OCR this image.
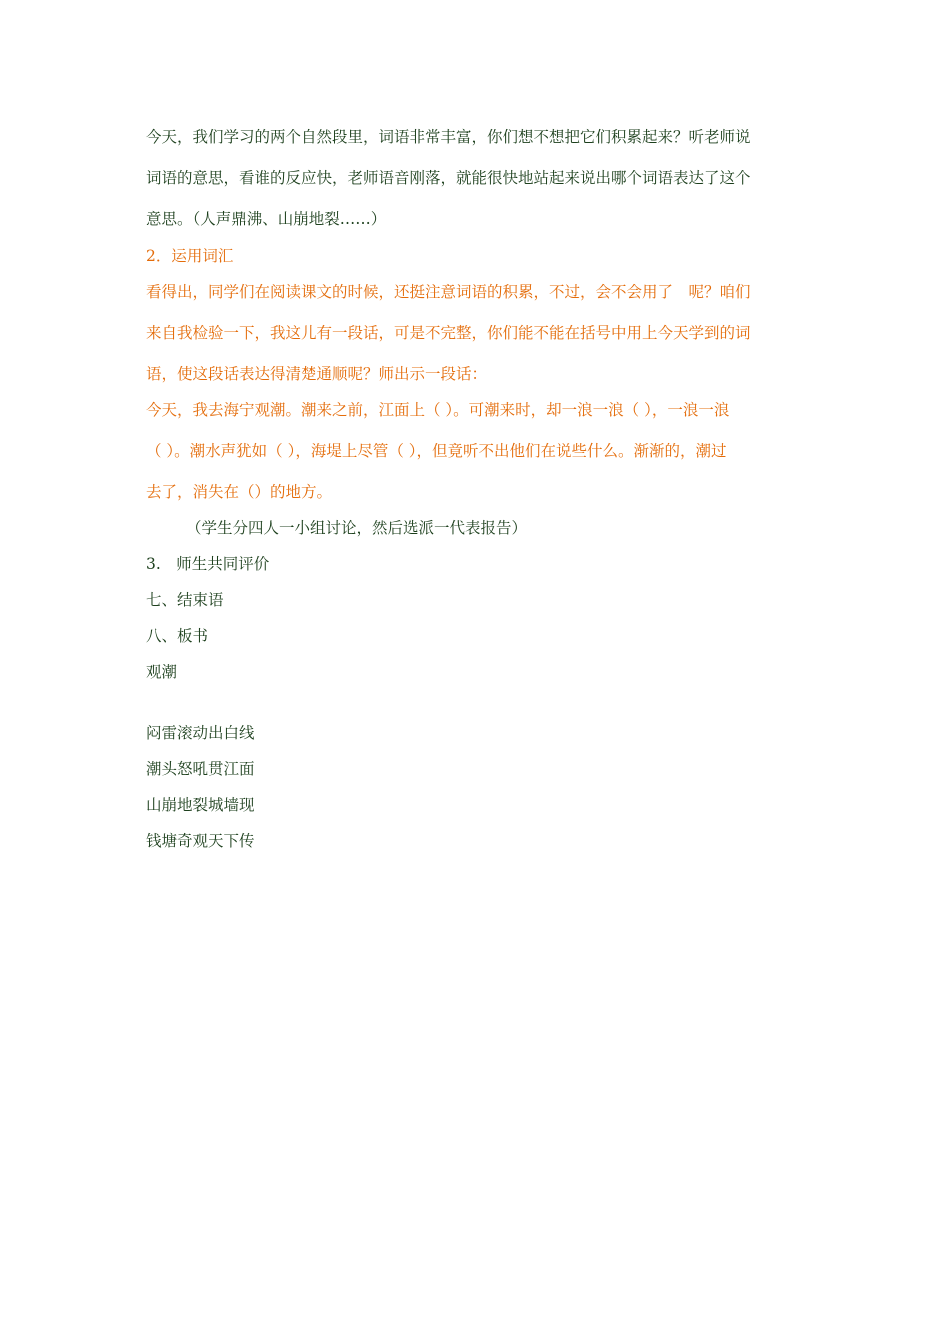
今天，我们学习的两个自然段里，词语非常丰富，你们想不想把它们积累起来？听老师说
词语的意思，看谁的反应快，老师语音刚落，就能很快地站起来说出哪个词语表达了这个
意思。（人声鼎沸、山崩地裂……）
2．运用词汇
看得出，同学们在阅读课文的时候，还挺注意词语的积累，不过，会不会用了　呢？咱们
来自我检验一下，我这儿有一段话，可是不完整，你们能不能在括号中用上今天学到的词
语，使这段话表达得清楚通顺呢？师出示一段话：
今天，我去海宁观潮。潮来之前，江面上（ ）。可潮来时，却一浪一浪（ ），一浪一浪
（ ）。潮水声犹如（ ），海堤上尽管（ ），但竟听不出他们在说些什么。渐渐的，潮过
去了，消失在（）的地方。
（学生分四人一小组讨论，然后选派一代表报告）
3.　师生共同评价
七、结束语
八、板书
观潮
闷雷滚动出白线
潮头怒吼贯江面
山崩地裂城墙现
钱塘奇观天下传
